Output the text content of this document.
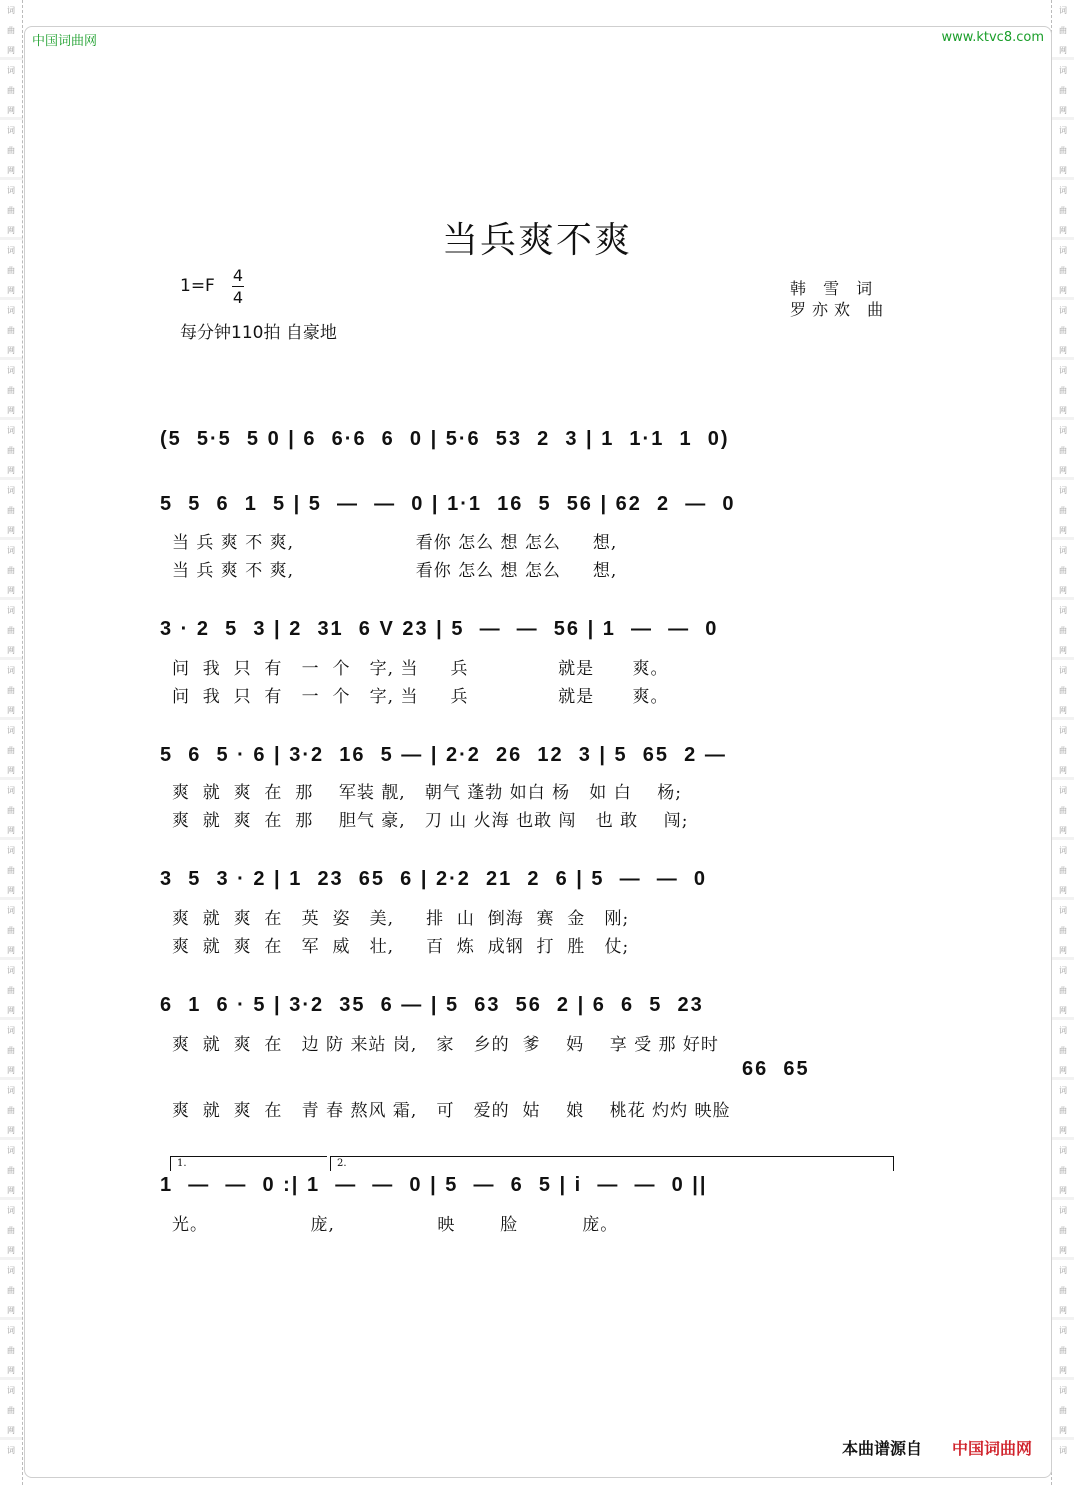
词
曲
网
词
曲
网
词
曲
网
词
曲
网
词
曲
网
词
曲
网
词
曲
网
词
曲
网
词
曲
网
词
曲
网
词
曲
网
词
曲
网
词
曲
网
词
曲
网
词
曲
网
词
曲
网
词
曲
网
词
曲
网
词
曲
网
词
曲
网
词
曲
网
词
曲
网
词
曲
网
词
曲
网
词
词
曲
网
词
曲
网
词
曲
网
词
曲
网
词
曲
网
词
曲
网
词
曲
网
词
曲
网
词
曲
网
词
曲
网
词
曲
网
词
曲
网
词
曲
网
词
曲
网
词
曲
网
词
曲
网
词
曲
网
词
曲
网
词
曲
网
词
曲
网
词
曲
网
词
曲
网
词
曲
网
词
曲
网
词
中国词曲网	www.ktvc8.com
当兵爽不爽
1=F
4
4
每分钟110拍 自豪地
韩 雪 词
罗亦欢 曲
(5  5·5  5 0 | 6  6·6  6  0 | 5·6  53  2  3 | 1  1·1  1  0)
5  5  6  1  5 | 5  —  —  0 | 1·1  16  5  56 | 62  2  —  0
当 兵 爽 不 爽,                   看你 怎么 想 怎么     想,
当 兵 爽 不 爽,                   看你 怎么 想 怎么     想,
3 · 2  5  3 | 2  31  6 V 23 | 5  —  —  56 | 1  —  —  0
问  我  只  有   一  个   字, 当     兵              就是      爽。
问  我  只  有   一  个   字, 当     兵              就是      爽。
5  6  5 · 6 | 3·2  16  5 — | 2·2  26  12  3 | 5  65  2 —
爽  就  爽  在  那    军装 靓,   朝气 蓬勃 如白 杨   如 白    杨;
爽  就  爽  在  那    胆气 豪,   刀 山 火海 也敢 闯   也 敢    闯;
3  5  3 · 2 | 1  23  65  6 | 2·2  21  2  6 | 5  —  —  0
爽  就  爽  在   英  姿   美,     排  山  倒海  赛  金   刚;
爽  就  爽  在   军  威   壮,     百  炼  成钢  打  胜   仗;
6  1  6 · 5 | 3·2  35  6 — | 5  63  56  2 | 6  6  5  23
爽  就  爽  在   边 防 来站 岗,   家   乡的  爹    妈    享 受 那 好时
66  65
爽  就  爽  在   青 春 熬风 霜,   可   爱的  姑    娘    桃花 灼灼 映脸
1  —  —  0 :| 1  —  —  0 | 5  —  6  5 | i  —  —  0 ||
光。                庞,                映       脸          庞。
1.	2.
本曲谱源自 中国词曲网
